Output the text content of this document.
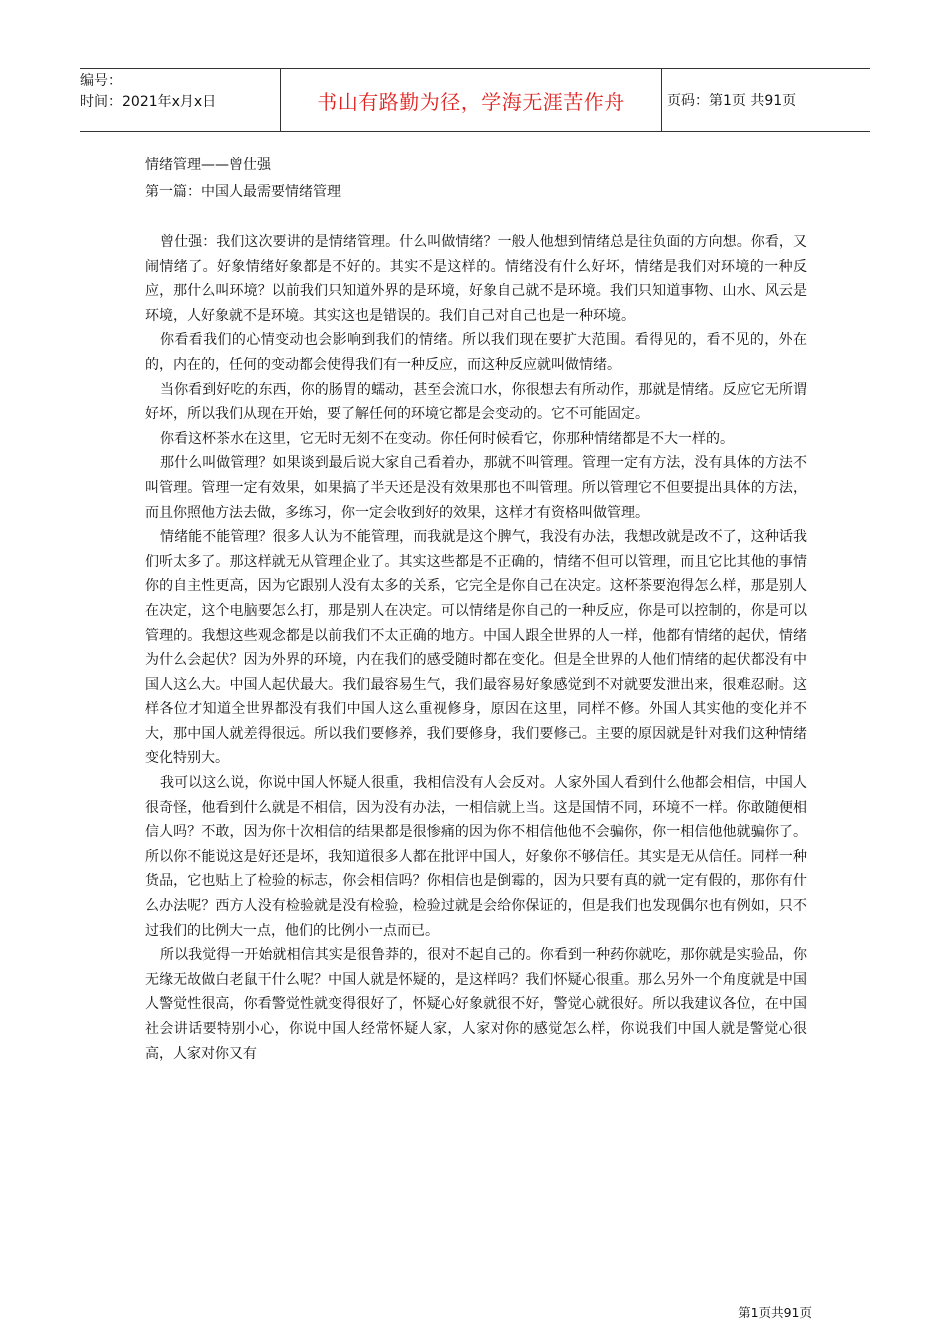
编号：
时间：2021年x月x日	书山有路勤为径，学海无涯苦作舟	页码：第1页 共91页
情绪管理——曾仕强
第一篇：中国人最需要情绪管理

曾仕强：我们这次要讲的是情绪管理。什么叫做情绪？一般人他想到情绪总是往负面的方向想。你看，又闹情绪了。好象情绪好象都是不好的。其实不是这样的。情绪没有什么好坏，情绪是我们对环境的一种反应，那什么叫环境？以前我们只知道外界的是环境，好象自己就不是环境。我们只知道事物、山水、风云是环境，人好象就不是环境。其实这也是错误的。我们自己对自己也是一种环境。

你看看我们的心情变动也会影响到我们的情绪。所以我们现在要扩大范围。看得见的，看不见的，外在的，内在的，任何的变动都会使得我们有一种反应，而这种反应就叫做情绪。

当你看到好吃的东西，你的肠胃的蠕动，甚至会流口水，你很想去有所动作，那就是情绪。反应它无所谓好坏，所以我们从现在开始，要了解任何的环境它都是会变动的。它不可能固定。

你看这杯茶水在这里，它无时无刻不在变动。你任何时候看它，你那种情绪都是不大一样的。

那什么叫做管理？如果谈到最后说大家自己看着办，那就不叫管理。管理一定有方法，没有具体的方法不叫管理。管理一定有效果，如果搞了半天还是没有效果那也不叫管理。所以管理它不但要提出具体的方法，而且你照他方法去做，多练习，你一定会收到好的效果，这样才有资格叫做管理。

情绪能不能管理？很多人认为不能管理，而我就是这个脾气，我没有办法，我想改就是改不了，这种话我们听太多了。那这样就无从管理企业了。其实这些都是不正确的，情绪不但可以管理，而且它比其他的事情你的自主性更高，因为它跟别人没有太多的关系，它完全是你自己在决定。这杯茶要泡得怎么样，那是别人在决定，这个电脑要怎么打，那是别人在决定。可以情绪是你自己的一种反应，你是可以控制的，你是可以管理的。我想这些观念都是以前我们不太正确的地方。中国人跟全世界的人一样，他都有情绪的起伏，情绪为什么会起伏？因为外界的环境，内在我们的感受随时都在变化。但是全世界的人他们情绪的起伏都没有中国人这么大。中国人起伏最大。我们最容易生气，我们最容易好象感觉到不对就要发泄出来，很难忍耐。这样各位才知道全世界都没有我们中国人这么重视修身，原因在这里，同样不修。外国人其实他的变化并不大，那中国人就差得很远。所以我们要修养，我们要修身，我们要修己。主要的原因就是针对我们这种情绪变化特别大。

我可以这么说，你说中国人怀疑人很重，我相信没有人会反对。人家外国人看到什么他都会相信，中国人很奇怪，他看到什么就是不相信，因为没有办法，一相信就上当。这是国情不同，环境不一样。你敢随便相信人吗？不敢，因为你十次相信的结果都是很惨痛的因为你不相信他他不会骗你，你一相信他他就骗你了。所以你不能说这是好还是坏，我知道很多人都在批评中国人，好象你不够信任。其实是无从信任。同样一种货品，它也贴上了检验的标志，你会相信吗？你相信也是倒霉的，因为只要有真的就一定有假的，那你有什么办法呢？西方人没有检验就是没有检验，检验过就是会给你保证的，但是我们也发现偶尔也有例如，只不过我们的比例大一点，他们的比例小一点而已。

所以我觉得一开始就相信其实是很鲁莽的，很对不起自己的。你看到一种药你就吃，那你就是实验品，你无缘无故做白老鼠干什么呢？中国人就是怀疑的，是这样吗？我们怀疑心很重。那么另外一个角度就是中国人警觉性很高，你看警觉性就变得很好了，怀疑心好象就很不好，警觉心就很好。所以我建议各位，在中国社会讲话要特别小心，你说中国人经常怀疑人家，人家对你的感觉怎么样，你说我们中国人就是警觉心很高，人家对你又有

第1页共91页
